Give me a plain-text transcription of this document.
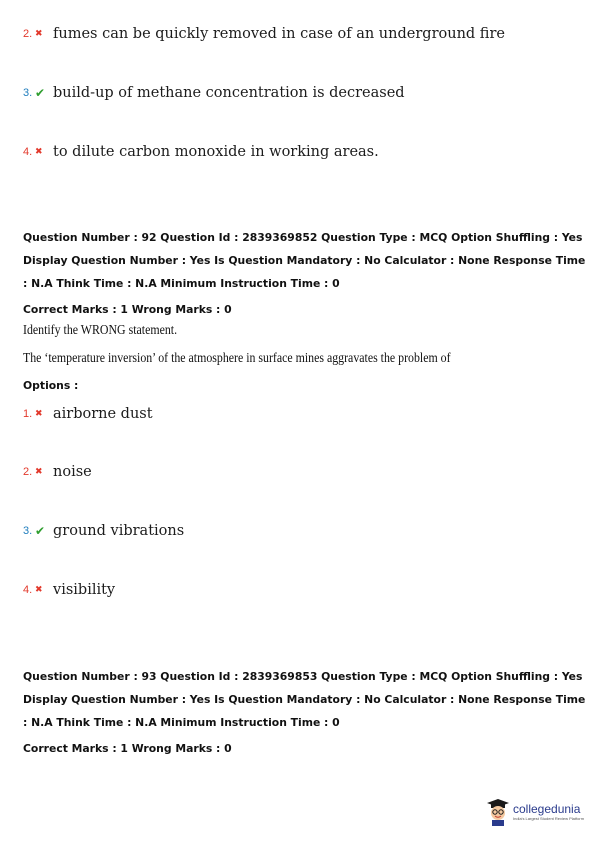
2. ✖ fumes can be quickly removed in case of an underground fire
3. ✔ build-up of methane concentration is decreased
4. ✖ to dilute carbon monoxide in working areas.
Question Number : 92 Question Id : 2839369852 Question Type : MCQ Option Shuffling : Yes
Display Question Number : Yes Is Question Mandatory : No Calculator : None Response Time
: N.A Think Time : N.A Minimum Instruction Time : 0
Correct Marks : 1 Wrong Marks : 0
Identify the WRONG statement.
The ‘temperature inversion’ of the atmosphere in surface mines aggravates the problem of
Options :
1. ✖ airborne dust
2. ✖ noise
3. ✔ ground vibrations
4. ✖ visibility
Question Number : 93 Question Id : 2839369853 Question Type : MCQ Option Shuffling : Yes
Display Question Number : Yes Is Question Mandatory : No Calculator : None Response Time
: N.A Think Time : N.A Minimum Instruction Time : 0
Correct Marks : 1 Wrong Marks : 0
collegedunia
India's Largest Student Review Platform
